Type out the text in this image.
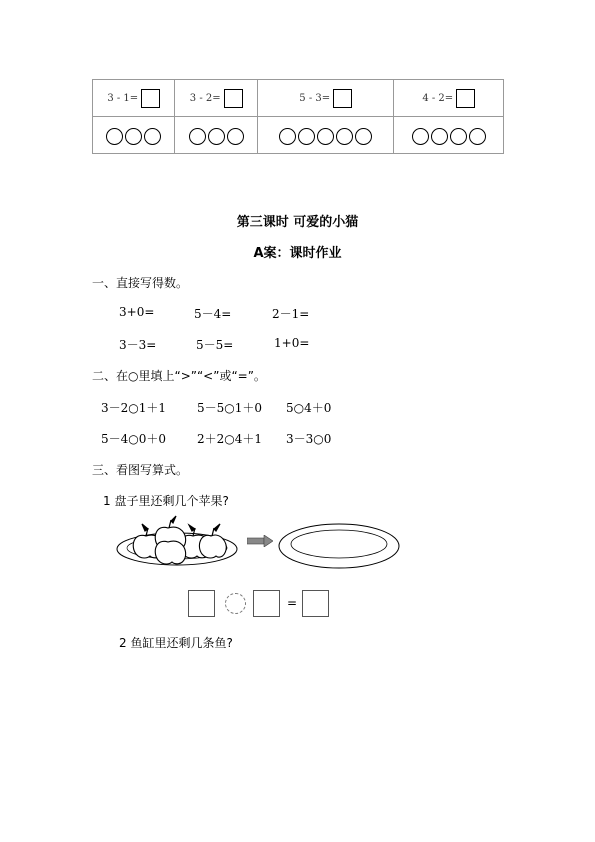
3 - 1=	3 - 2=	5 - 3=	4 - 2=

第三课时 可爱的小猫
A案：课时作业
一、直接写得数。
3+0=	5－4=	2－1=
3－3=	5－5=	1+0=
二、在○里填上“>”“<”或“=”。
3－2○1＋1	5－5○1＋0 5○4＋0
5－4○0＋0	2＋2○4＋1 3－3○0
三、看图写算式。
1 盘子里还剩几个苹果?
=
2 鱼缸里还剩几条鱼?
